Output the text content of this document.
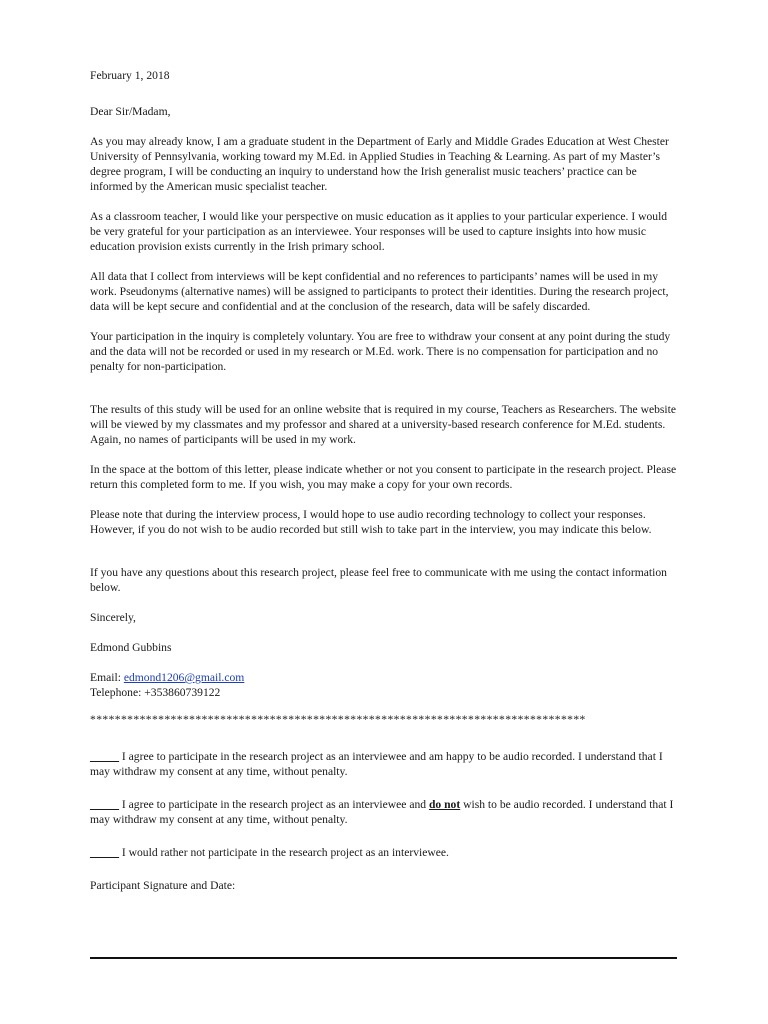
February 1, 2018
Dear Sir/Madam,

As you may already know, I am a graduate student in the Department of Early and Middle Grades Education at West Chester University of Pennsylvania, working toward my M.Ed. in Applied Studies in Teaching & Learning. As part of my Master’s degree program, I will be conducting an inquiry to understand how the Irish generalist music teachers’ practice can be informed by the American music specialist teacher.

As a classroom teacher, I would like your perspective on music education as it applies to your particular experience. I would be very grateful for your participation as an interviewee. Your responses will be used to capture insights into how music education provision exists currently in the Irish primary school.

All data that I collect from interviews will be kept confidential and no references to participants’ names will be used in my work. Pseudonyms (alternative names) will be assigned to participants to protect their identities. During the research project, data will be kept secure and confidential and at the conclusion of the research, data will be safely discarded.

Your participation in the inquiry is completely voluntary. You are free to withdraw your consent at any point during the study and the data will not be recorded or used in my research or M.Ed. work. There is no compensation for participation and no penalty for non-participation.

The results of this study will be used for an online website that is required in my course, Teachers as Researchers. The website will be viewed by my classmates and my professor and shared at a university-based research conference for M.Ed. students. Again, no names of participants will be used in my work.

In the space at the bottom of this letter, please indicate whether or not you consent to participate in the research project. Please return this completed form to me. If you wish, you may make a copy for your own records.

Please note that during the interview process, I would hope to use audio recording technology to collect your responses. However, if you do not wish to be audio recorded but still wish to take part in the interview, you may indicate this below.

If you have any questions about this research project, please feel free to communicate with me using the contact information below.

Sincerely,

Edmond Gubbins

Email: edmond1206@gmail.com
Telephone: +353860739122
********************************************************************************
_____ I agree to participate in the research project as an interviewee and am happy to be audio recorded. I understand that I may withdraw my consent at any time, without penalty.
_____ I agree to participate in the research project as an interviewee and do not wish to be audio recorded. I understand that I may withdraw my consent at any time, without penalty.
_____ I would rather not participate in the research project as an interviewee.
Participant Signature and Date:
